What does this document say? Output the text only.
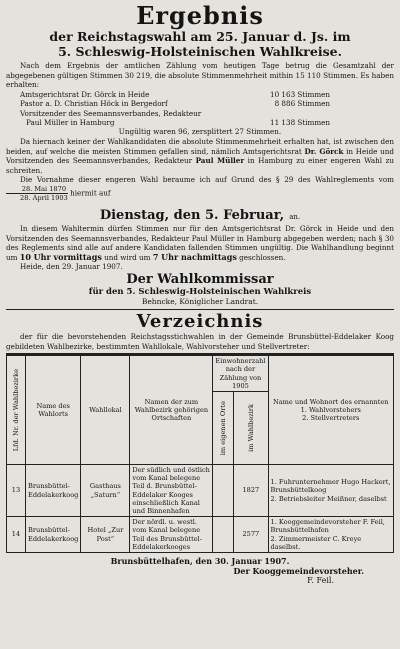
Ergebnis
der Reichstagswahl am 25. Januar d. Js. im
5. Schleswig-Holsteinischen Wahlkreise.

Nach dem Ergebnis der amtlichen Zählung vom heutigen Tage betrug die Gesamtzahl der abgegebenen gültigen Stimmen 30 219, die absolute Stimmenmehrheit mithin 15 110 Stimmen. Es haben erhalten:

Amtsgerichtsrat Dr. Görck in Heide	10 163 Stimmen
Pastor a. D. Christian Höck in Bergedorf	8 886 Stimmen
Vorsitzender des Seemannsverbandes, Redakteur	
Paul Müller in Hamburg	11 138 Stimmen
Ungültig waren 96, zersplittert 27 Stimmen.

Da hiernach keiner der Wahlkandidaten die absolute Stimmenmehrheit erhalten hat, ist zwischen den beiden, auf welche die meisten Stimmen gefallen sind, nämlich Amtsgerichtsrat Dr. Görck in Heide und Vorsitzenden des Seemannsverbandes, Redakteur Paul Müller in Hamburg zu einer engeren Wahl zu schreiten.

Die Vornahme dieser engeren Wahl beraume ich auf Grund des § 29 des Wahlreglements vom
28. Mai 1870
28. April 1903
hiermit auf

Dienstag, den 5. Februar, an.

In diesem Wahltermin dürfen Stimmen nur für den Amtsgerichtsrat Dr. Görck in Heide und den Vorsitzenden des Seemannsverbandes, Redakteur Paul Müller in Hamburg abgegeben werden; nach § 30 des Reglements sind alle auf andere Kandidaten fallenden Stimmen ungültig. Die Wahlhandlung beginnt um 10 Uhr vormittags und wird um 7 Uhr nachmittags geschlossen.

Heide, den 29. Januar 1907.

Der Wahlkommissar
für den 5. Schleswig-Holsteinischen Wahlkreis
Behncke, Königlicher Landrat.
Verzeichnis

der für die bevorstehenden Reichstagsstichwahlen in der Gemeinde Brunsbüttel-Eddelaker Koog gebildeten Wahlbezirke, bestimmten Wahllokale, Wahlvorsteher und Stellvertreter:

Lfd. Nr. der Wahlbezirke	Name des Wahlorts	Wahllokal	Namen der zum Wahlbezirk gehörigen Ortschaften	Einwohnerzahl nach der Zählung von 1905		Name und Wohnort des ernannten
1. Wahlvorstehers
2. Stellvertreters

				im eigenen Orte	im Wahlbezirk	

13	Brunsbüttel-Eddelakerkoog	Gasthaus „Saturn“	Der südlich und östlich vom Kanal belegene Teil d. Brunsbüttel-Eddelaker Kooges einschließlich Kanal und Binnenhafen		1827	1. Fuhrunternehmer Hugo Hackert, Brunsbüttelkoog
2. Betriebsleiter Meißner, daselbst

14	Brunsbüttel-Eddelakerkoog	Hotel „Zur Post“	Der nördl. u. westl. vom Kanal belegene Teil des Brunsbüttel-Eddelakerkooges		2577	1. Kooggemeindevorsteher F. Feil, Brunsbüttelhafen
2. Zimmermeister C. Kreye daselbst.
Brunsbüttelhafen, den 30. Januar 1907.
Der Kooggemeindevorsteher.
F. Feil.
